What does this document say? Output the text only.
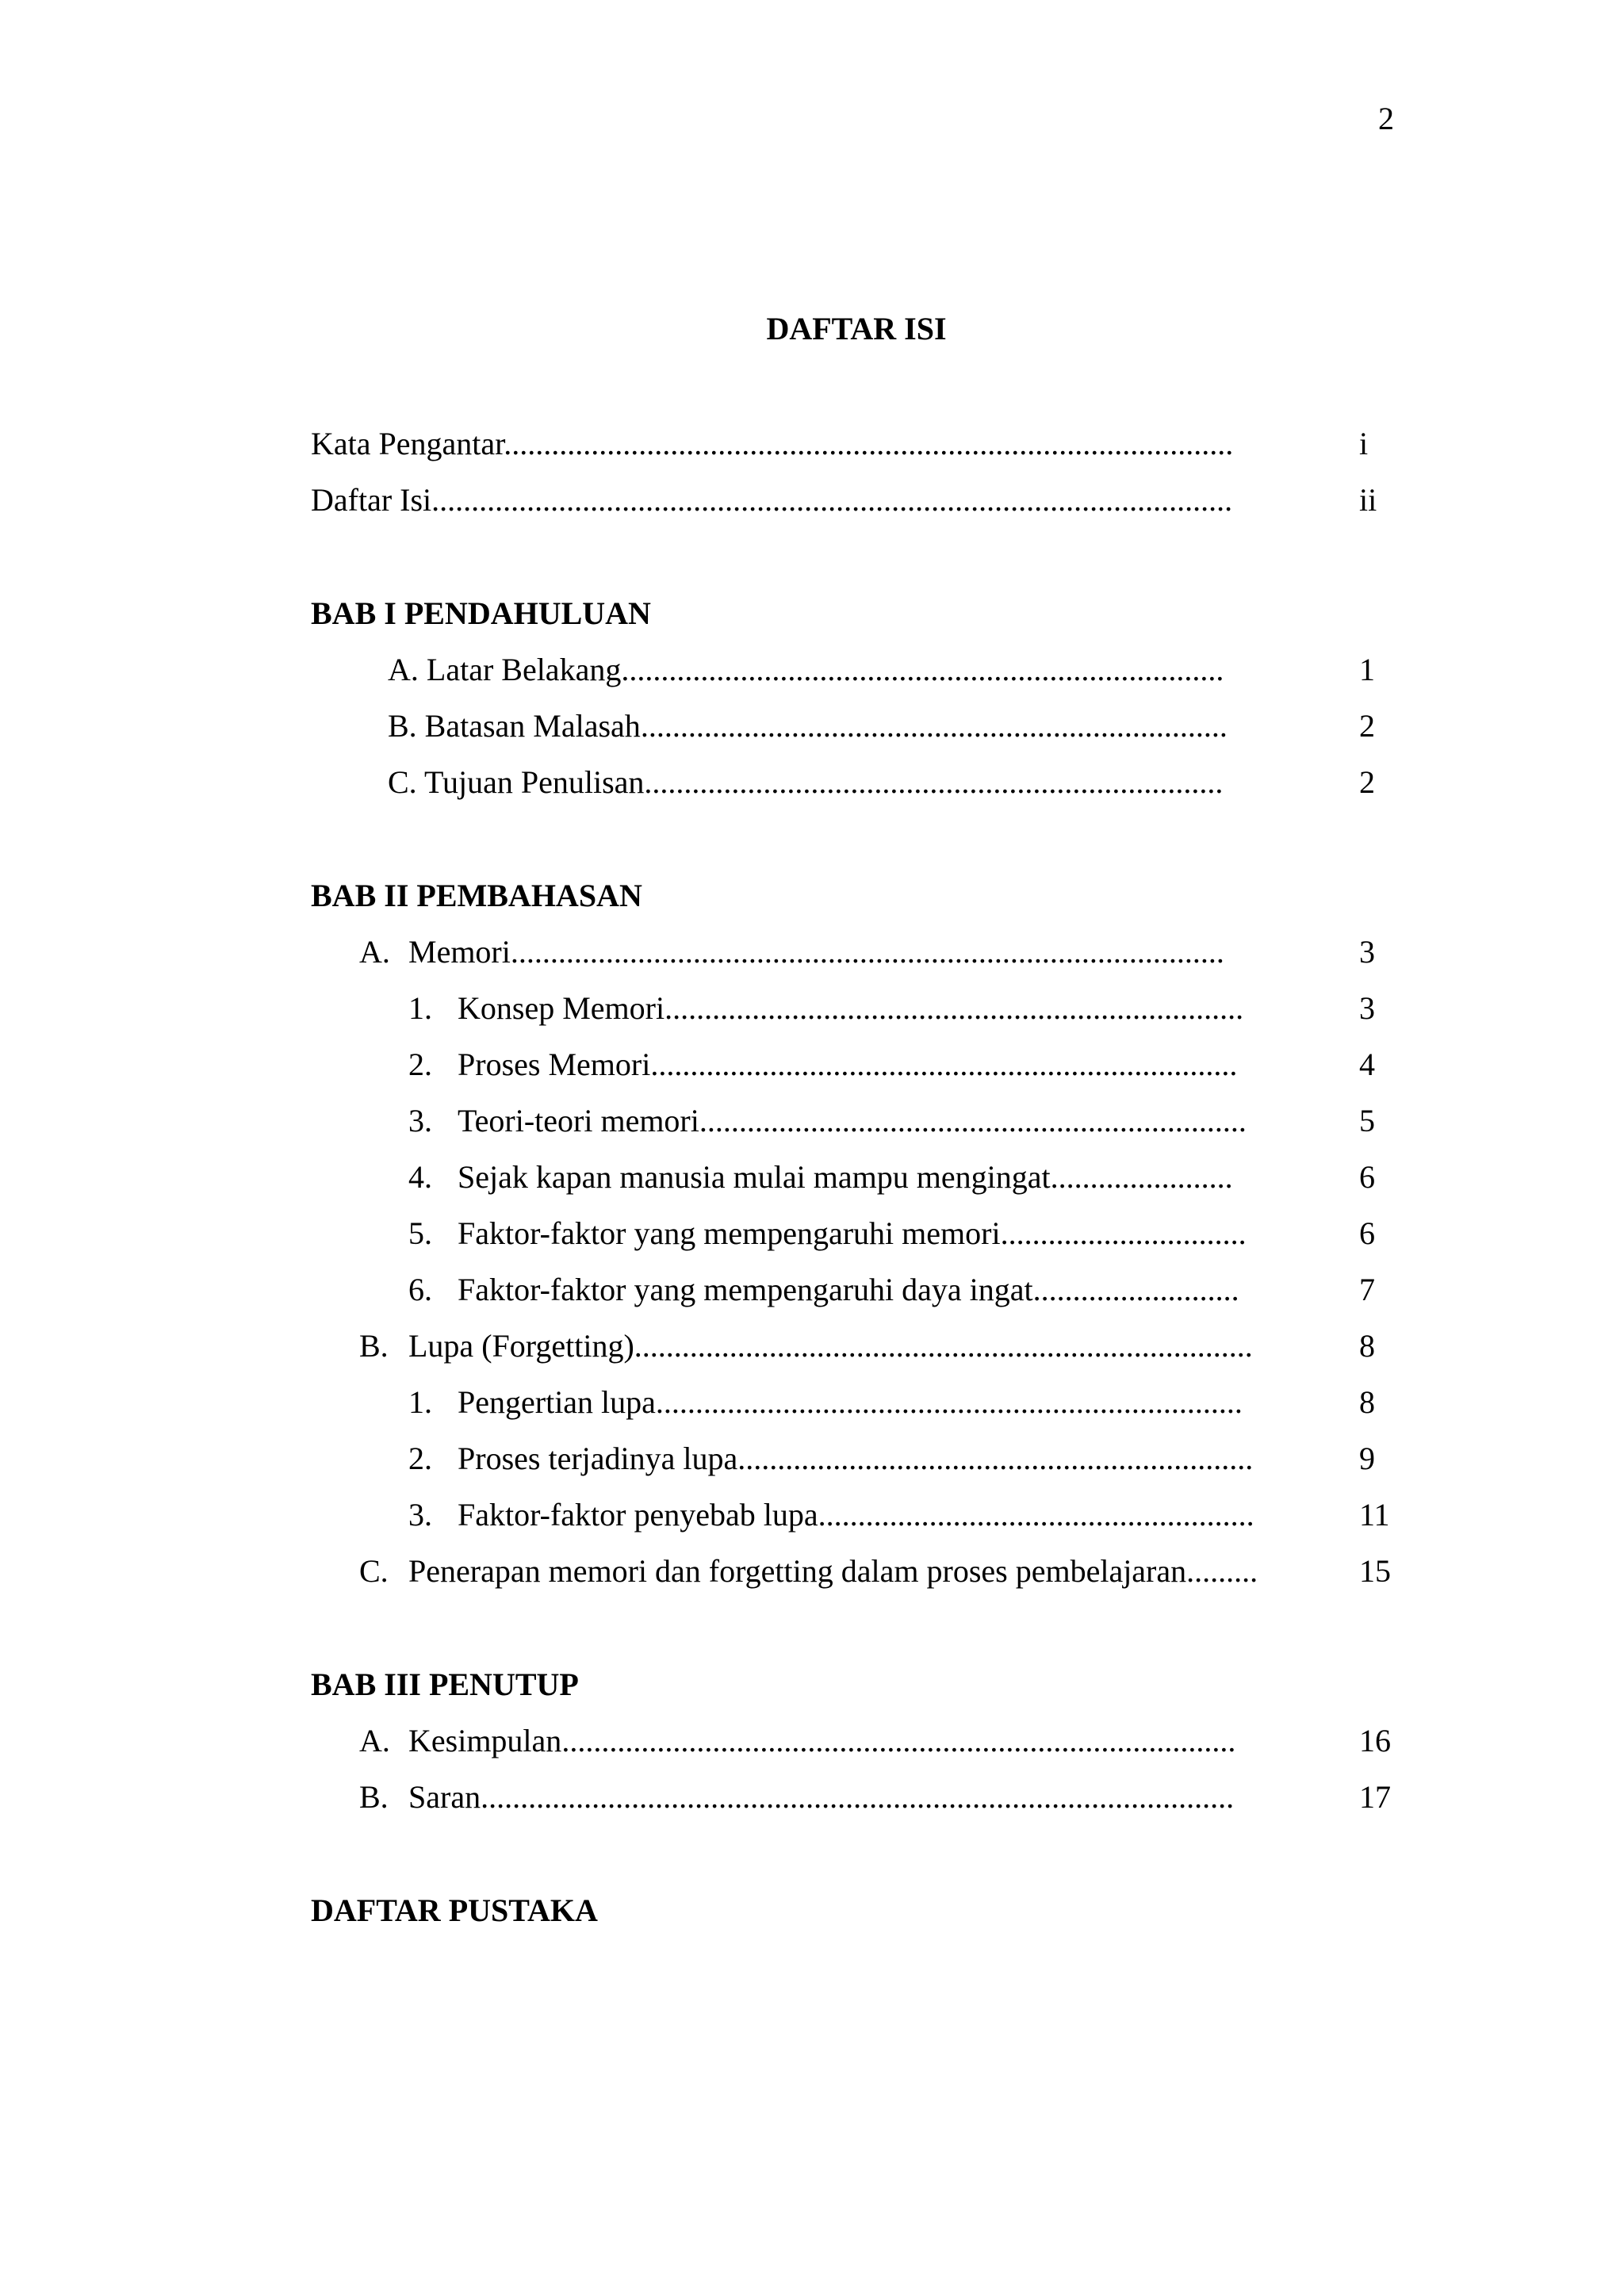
2
DAFTAR ISI
Kata Pengantar............................................................................................	i
Daftar Isi.....................................................................................................	ii
BAB I PENDAHULUAN
A. Latar Belakang............................................................................	1
B. Batasan Malasah..........................................................................	2
C. Tujuan Penulisan.........................................................................	2
BAB II PEMBAHASAN
A. Memori..........................................................................................	3
1. Konsep Memori.........................................................................	3
2. Proses Memori..........................................................................	4
3. Teori-teori memori.....................................................................	5
4. Sejak kapan manusia mulai mampu mengingat.......................	6
5. Faktor-faktor yang mempengaruhi memori...............................	6
6. Faktor-faktor yang mempengaruhi daya ingat..........................	7
B. Lupa (Forgetting)..............................................................................	8
1. Pengertian lupa..........................................................................	8
2. Proses terjadinya lupa.................................................................	9
3. Faktor-faktor penyebab lupa.......................................................	11
C. Penerapan memori dan forgetting dalam proses pembelajaran.........	15
BAB III PENUTUP
A. Kesimpulan.....................................................................................	16
B. Saran...............................................................................................	17
DAFTAR PUSTAKA
